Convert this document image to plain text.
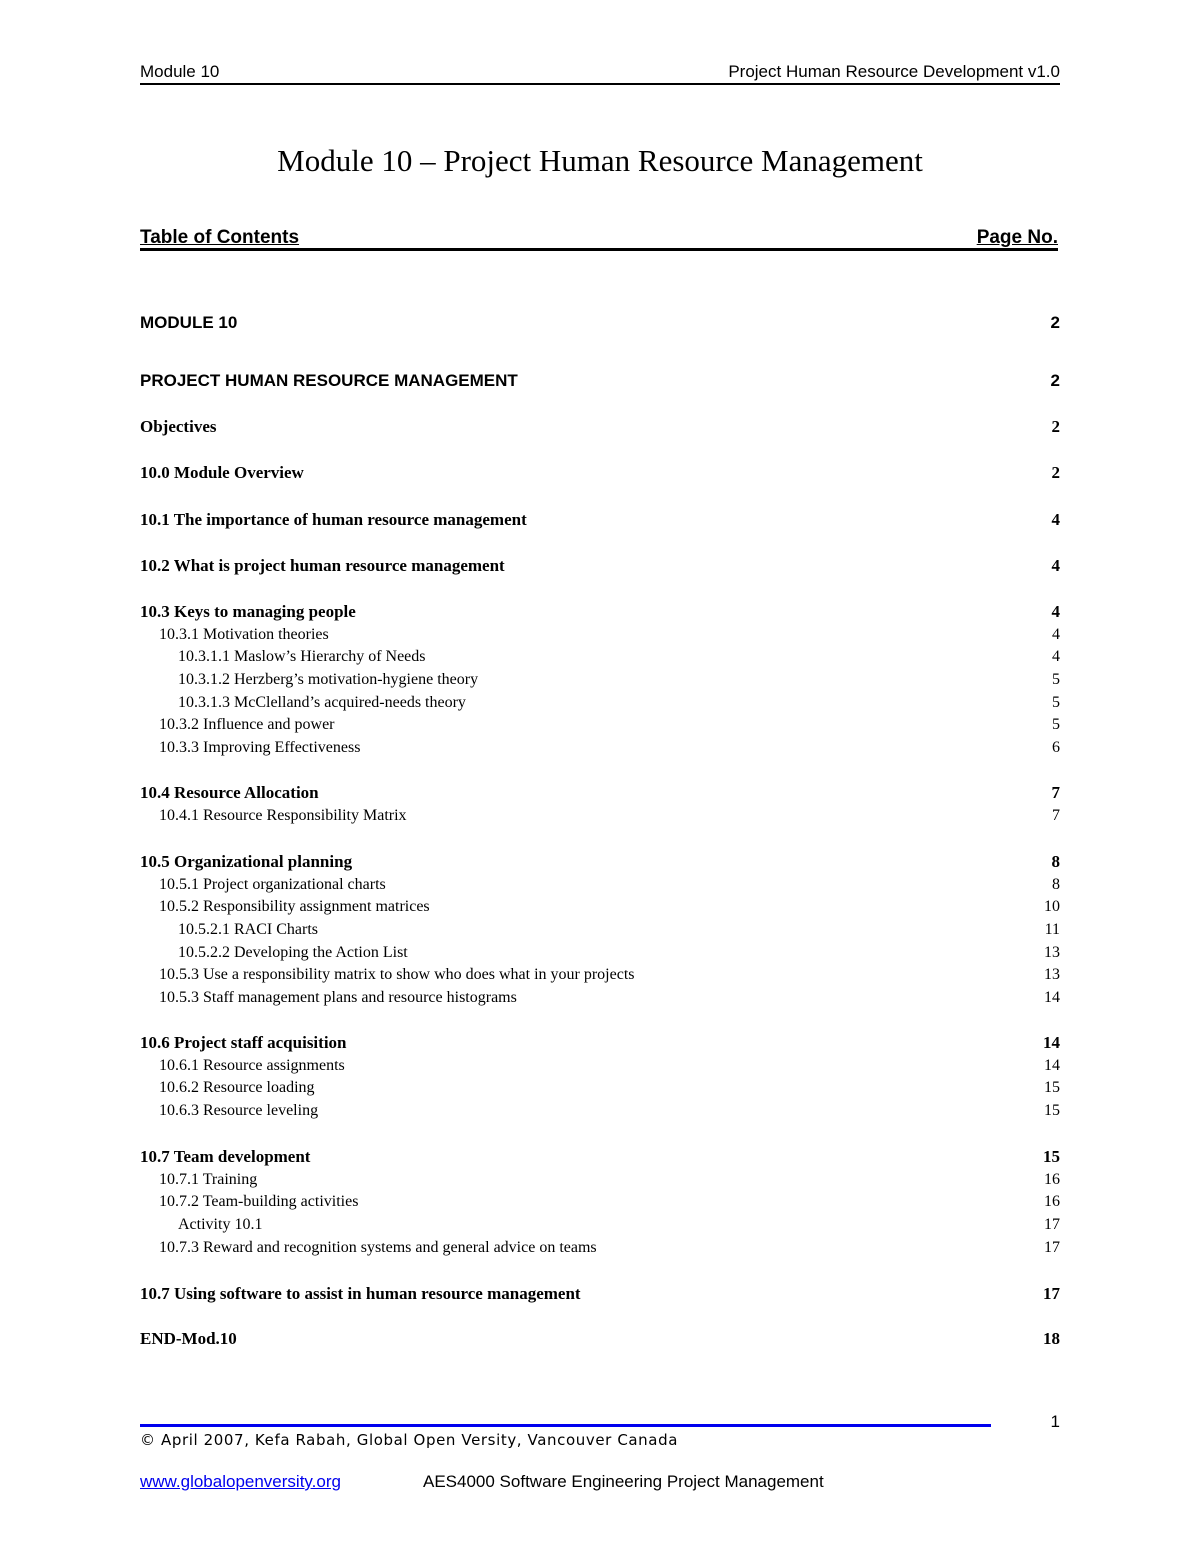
Module 10	Project Human Resource Development v1.0
Module 10 – Project Human Resource Management
Table of Contents	Page No.
MODULE 10	2
PROJECT HUMAN RESOURCE MANAGEMENT	2
Objectives	2
10.0 Module Overview	2
10.1 The importance of human resource management	4
10.2 What is project human resource management	4
10.3 Keys to managing people	4
10.3.1 Motivation theories	4
10.3.1.1 Maslow’s Hierarchy of Needs	4
10.3.1.2 Herzberg’s motivation-hygiene theory	5
10.3.1.3 McClelland’s acquired-needs theory	5
10.3.2 Influence and power	5
10.3.3 Improving Effectiveness	6
10.4 Resource Allocation	7
10.4.1 Resource Responsibility Matrix	7
10.5 Organizational planning	8
10.5.1 Project organizational charts	8
10.5.2 Responsibility assignment matrices	10
10.5.2.1 RACI Charts	11
10.5.2.2 Developing the Action List	13
10.5.3 Use a responsibility matrix to show who does what in your projects	13
10.5.3 Staff management plans and resource histograms	14
10.6 Project staff acquisition	14
10.6.1 Resource assignments	14
10.6.2 Resource loading	15
10.6.3 Resource leveling	15
10.7 Team development	15
10.7.1 Training	16
10.7.2 Team-building activities	16
Activity 10.1	17
10.7.3 Reward and recognition systems and general advice on teams	17
10.7 Using software to assist in human resource management	17
END-Mod.10	18
1
© April 2007, Kefa Rabah, Global Open Versity, Vancouver Canada
www.globalopenversity.org	AES4000 Software Engineering Project Management
